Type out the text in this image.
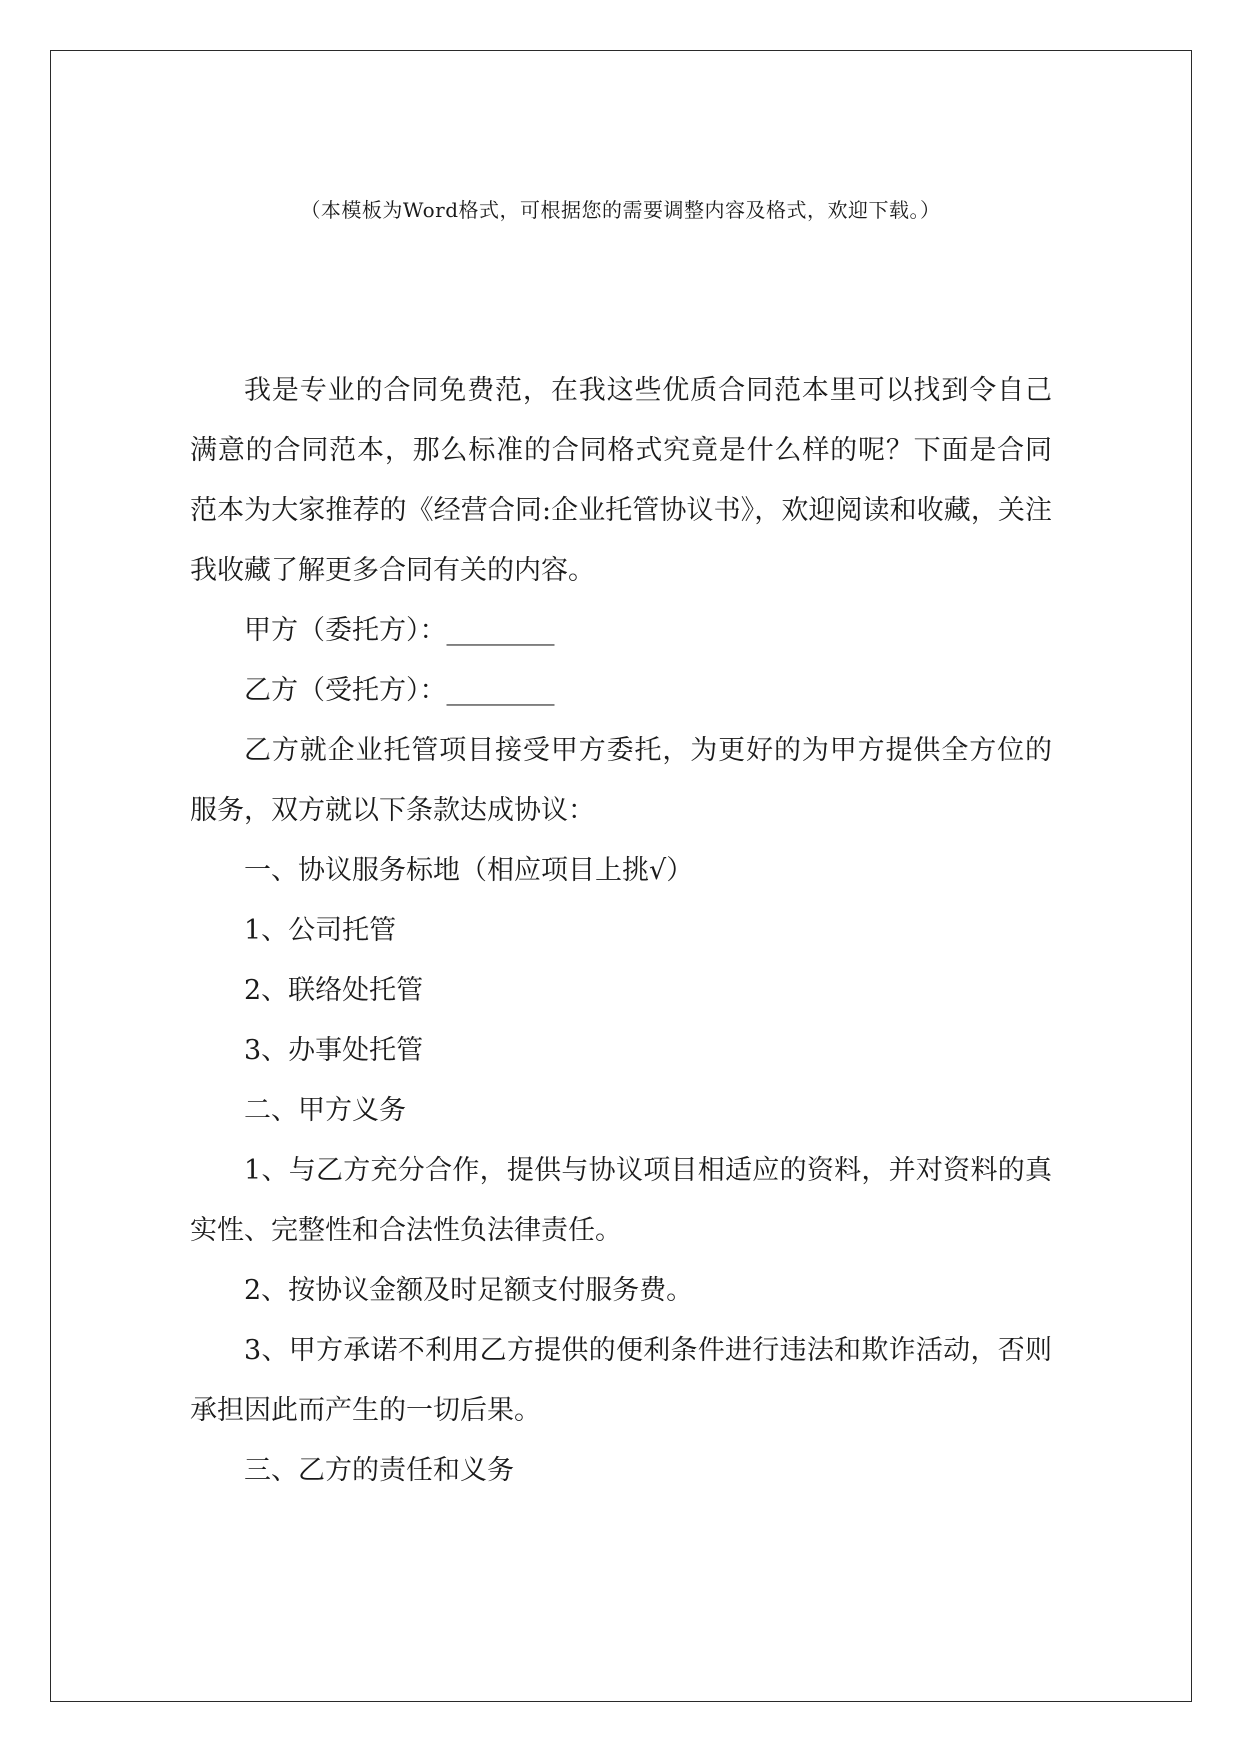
（本模板为Word格式，可根据您的需要调整内容及格式，欢迎下载。）

我是专业的合同免费范，在我这些优质合同范本里可以找到令自己满意的合同范本，那么标准的合同格式究竟是什么样的呢？下面是合同范本为大家推荐的《经营合同:企业托管协议书》，欢迎阅读和收藏，关注我收藏了解更多合同有关的内容。

甲方（委托方）：________

乙方（受托方）：________

乙方就企业托管项目接受甲方委托，为更好的为甲方提供全方位的服务，双方就以下条款达成协议：

一、协议服务标地（相应项目上挑√）

1、公司托管

2、联络处托管

3、办事处托管

二、甲方义务

1、与乙方充分合作，提供与协议项目相适应的资料，并对资料的真实性、完整性和合法性负法律责任。

2、按协议金额及时足额支付服务费。

3、甲方承诺不利用乙方提供的便利条件进行违法和欺诈活动，否则承担因此而产生的一切后果。

三、乙方的责任和义务
